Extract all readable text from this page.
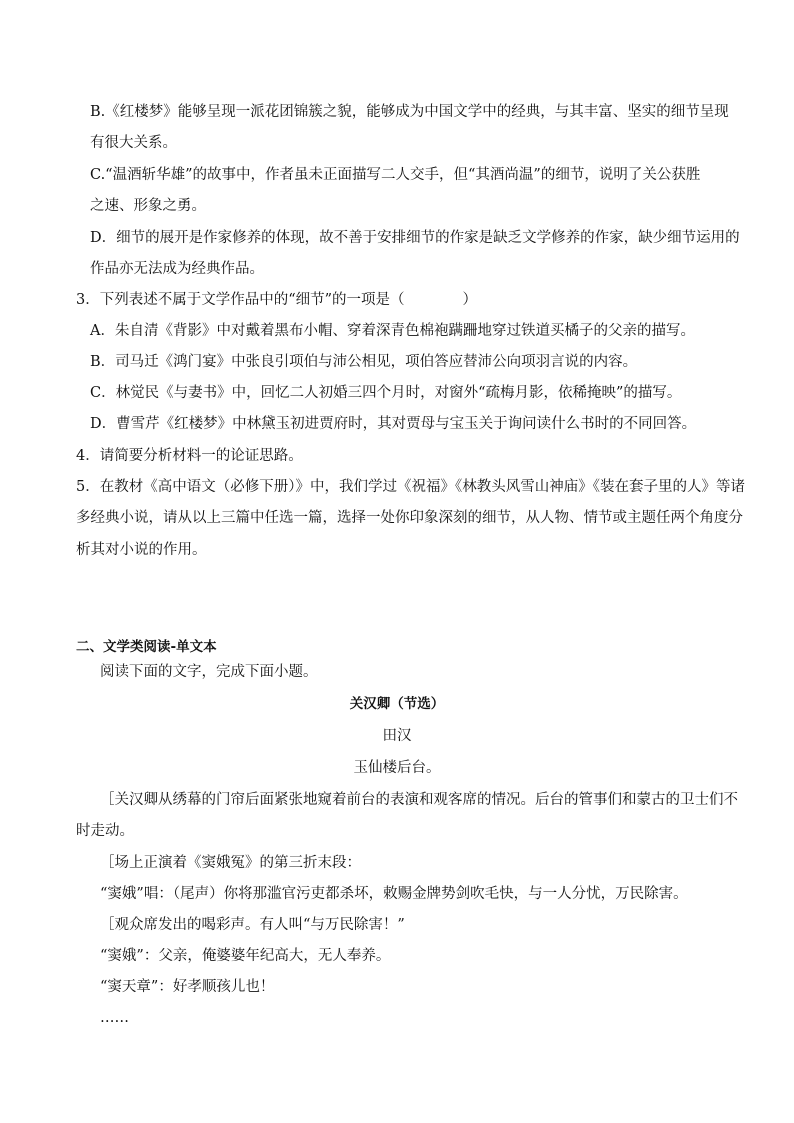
B.《红楼梦》能够呈现一派花团锦簇之貌，能够成为中国文学中的经典，与其丰富、坚实的细节呈现
有很大关系。
C.“温酒斩华雄”的故事中，作者虽未正面描写二人交手，但“其酒尚温”的细节，说明了关公获胜
之速、形象之勇。
D．细节的展开是作家修养的体现，故不善于安排细节的作家是缺乏文学修养的作家，缺少细节运用的
作品亦无法成为经典作品。
3．下列表述不属于文学作品中的“细节”的一项是（　　　　）
A．朱自清《背影》中对戴着黑布小帽、穿着深青色棉袍蹒跚地穿过铁道买橘子的父亲的描写。
B．司马迁《鸿门宴》中张良引项伯与沛公相见，项伯答应替沛公向项羽言说的内容。
C．林觉民《与妻书》中，回忆二人初婚三四个月时，对窗外“疏梅月影，依稀掩映”的描写。
D．曹雪芹《红楼梦》中林黛玉初进贾府时，其对贾母与宝玉关于询问读什么书时的不同回答。
4．请简要分析材料一的论证思路。
5．在教材《高中语文（必修下册）》中，我们学过《祝福》《林教头风雪山神庙》《装在套子里的人》等诸
多经典小说，请从以上三篇中任选一篇，选择一处你印象深刻的细节，从人物、情节或主题任两个角度分
析其对小说的作用。
二、文学类阅读-单文本
阅读下面的文字，完成下面小题。
关汉卿（节选）
田汉
玉仙楼后台。
［关汉卿从绣幕的门帘后面紧张地窥着前台的表演和观客席的情况。后台的管事们和蒙古的卫士们不
时走动。
［场上正演着《窦娥冤》的第三折末段：
“窦娥”唱：（尾声）你将那滥官污吏都杀坏，敕赐金牌势剑吹毛快，与一人分忧，万民除害。
［观众席发出的喝彩声。有人叫“与万民除害！”
“窦娥”：父亲，俺婆婆年纪高大，无人奉养。
“窦天章”：好孝顺孩儿也！
……
